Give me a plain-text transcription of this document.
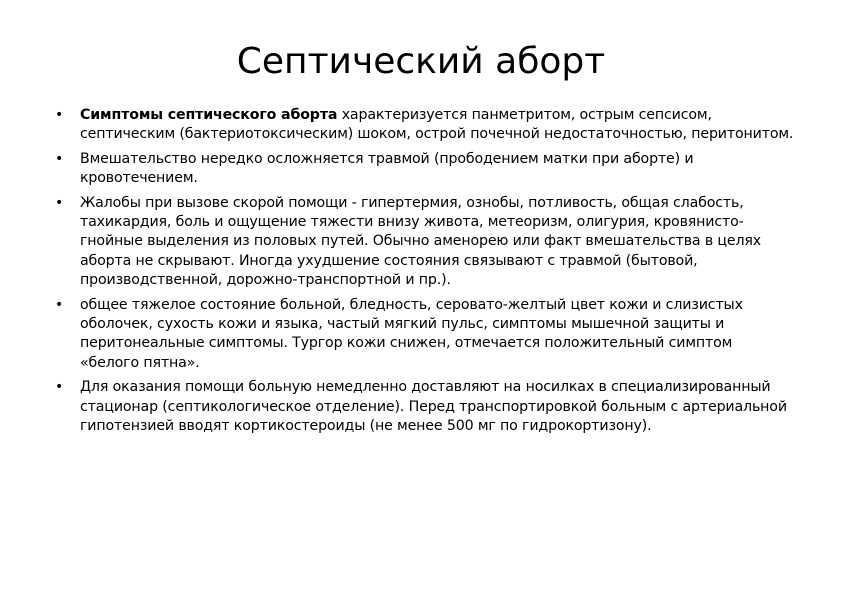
Септический аборт
•	Симптомы септического аборта характеризуется панметритом, острым сепсисом, септическим (бактериотоксическим) шоком, острой почечной недостаточностью, перитонитом.
•	Вмешательство нередко осложняется травмой (прободением матки при аборте) и кровотечением.
•	Жалобы при вызове скорой помощи - гипертермия, ознобы, потливость, общая слабость, тахикардия, боль и ощущение тяжести внизу живота, метеоризм, олигурия, кровянисто-гнойные выделения из половых путей. Обычно аменорею или факт вмешательства в целях аборта не скрывают. Иногда ухудшение состояния связывают с травмой (бытовой, производственной, дорожно-транспортной и пр.).
•	общее тяжелое состояние больной, бледность, серовато-желтый цвет кожи и слизистых оболочек, сухость кожи и языка, частый мягкий пульс, симптомы мышечной защиты и перитонеальные симптомы. Тургор кожи снижен, отмечается положительный симптом «белого пятна».
•	Для оказания помощи больную немедленно доставляют на носилках в специализированный стационар (септикологическое отделение). Перед транспортировкой больным с артериальной гипотензией вводят кортикостероиды (не менее 500 мг по гидрокортизону).
